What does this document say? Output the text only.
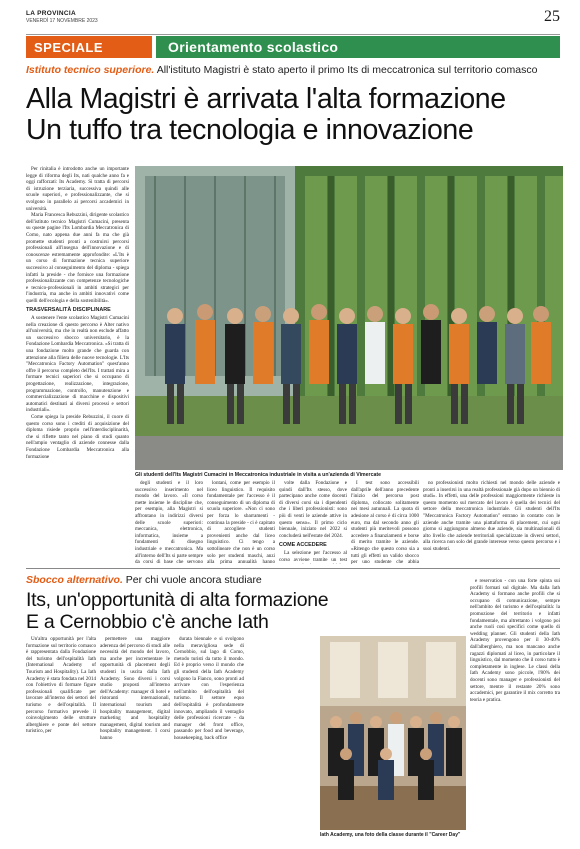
LA PROVINCIA
VENERDÌ 17 NOVEMBRE 2023	25
SPECIALE	Orientamento scolastico
Istituto tecnico superiore. All'istituto Magistri è stato aperto il primo Its di meccatronica sul territorio comasco
Alla Magistri è arrivata l'alta formazione
Un tuffo tra tecnologia e innovazione
Gli studenti dell'Its Magistri Cumacini in Meccatronica industriale in visita a un'azienda di Vimercate

Per rinitalia è introdotto anche un importante legge di riforma degli Its, nati qualche anno fa e oggi rafforzati: Its Academy. Si tratta di percorsi di istruzione terziaria, successiva quindi alle scuole superiori, e professionalizzante, che si svolgono in parallelo ai percorsi accademici in università.

Maria Francesca Rebuzzini, dirigente scolastico dell'istituto tecnico Magistri Cumacini, presenta su queste pagine l'Its Lombardia Meccatronica di Como, nato appena due anni fa ma che già promette studenti pronti a costruirsi percorsi professionali all'insegna dell'innovazione e di conoscenze estremamente approfondite: «L'Its è un corso di formazione tecnica superiore successivo al conseguimento del diploma - spiega infatti la preside - che fornisce una formazione professionalizzante con competenze tecnologiche e tecnico-professionali in ambiti strategici per l'industria, ma anche in ambiti innovativi come quelli dell'ecologia e della sostenibilità».

TRASVERSALITÀ DISCIPLINARE

A sostenere l'ente scolastico Magistri Cumacini nella creazione di questo percorso è Alter nativo all'università, ma che in realtà non esclude affatto un successivo sbocco universitario, è la Fondazione Lombardia Meccatronica. «Si tratta di una fondazione molto grande che guarda con attenzione alla filiera delle nuove tecnologie. L'Its "Meccatronica Factory Automation" quest'anno offre il percorso completo dell'Its. I trattati mira a formare tecnici superiori che si occupano di progettazione, realizzazione, integrazione, programmazione, controllo, manutenzione e commercializzazione di macchine e dispositivi automatici destinati ai diversi processi e settori industriali».

Come spiega la preside Rebuzzini, il cuore di questo corso sono i crediti di acquisizione del diploma risiede proprio nell'interdisciplinarità, che si riflette tanto nel piano di studi quanto nell'ampio ventaglio di aziende connesse dalla Fondazione Lombardia Meccatronica alla formazione

degli studenti e il loro successivo inserimento nel mondo del lavoro. «Il corso mette insieme le discipline che, per esempio, alla Magistri si affrontano in indirizzi diversi delle scuole superiori: meccanica, elettronica, informatica, insieme a fondamenti di disegno industriale e meccatronica. Ma all'interno dell'Its si parte sempre da corsi di base che servono

lontani, come per esempio il liceo linguistico. Il requisito fondamentale per l'accesso è il conseguimento di un diploma di scuola superiore. «Non ci sono per forza lo sbarramenti - continua la preside - ci è capitato di accogliere studenti provenienti anche dal liceo linguistico. Ci tengo a sottolineare che non è un corso solo per studenti maschi, anzi alla prima annualità hanno

volte dalla Fondazione e quindi dall'Its stesso, dove partecipano anche come docenti di diversi corsi sia i dipendenti che i liberi professionisti: sono più di venti le aziende attive in questo senso». Il primo ciclo biennale, iniziato nel 2022 si concluderà nell'estate del 2024.

COME ACCEDERE

La selezione per l'accesso al corso avviene tramite un test

I test sono accessibili dall'aprile dell'anno precedente l'inizio del percorso post diploma, collocato solitamente nei mesi autunnali. La quota di adesione al corso è di circa 1000 euro, ma dal secondo anno gli studenti più meritevoli possono accedere a finanziamenti e borse di merito tramite le aziende. «Ritengo che questo corso sia a tutti gli effetti un valido sbocco per uno studente che abbia

no professionisti molto richiesti nel mondo delle aziende e pronti a inserirsi in una realtà professionale già dopo un biennio di studi». In effetti, una delle professioni maggiormente richieste in questo momento sul mercato del lavoro è quella dei tecnici del settore della meccatronica industriale. Gli studenti dell'Its "Meccatronica Factory Automation" entrano in contatto con le aziende anche tramite una piattaforma di placement, cui ogni giorno si aggiungono almeno due aziende, sia multinazionali di alto livello che aziende territoriali specializzate in diversi settori, alla ricerca non solo del grande interesse verso questo percorso e i suoi studenti.

Sbocco alternativo. Per chi vuole ancora studiare
Its, un'opportunità di alta formazione
E a Cernobbio c'è anche Iath

Un'altra opportunità per l'alta formazione sul territorio comasco è rappresentata dalla Fondazione del turismo dell'ospitalità Iath (International Academy of Tourism and Hospitality). La Iath Academy è stata fondata nel 2014 con l'obiettivo di formare figure professionali qualificate per lavorare all'interno dei settori del turismo e dell'ospitalità. Il percorso formativo prevede il coinvolgimento delle strutture alberghiere e ponte del settore turistico, per

permettere una maggiore aderenza del percorso di studi alle necessità del mondo del lavoro, ma anche per incrementare le opportunità di placement degli studenti in uscita dalla Iath Academy. Sono diversi i corsi studio proposti all'interno dell'Academy: manager di hotel e ristoranti internazionali, international tourism and hospitality management, digital marketing and hospitality management, digital tourism and hospitality management. I corsi hanno

durata biennale e si svolgono nella meravigliosa sede di Cernobbio, sul lago di Como, metodo turisti da tutto il mondo. Ed è proprio verso il mondo che gli studenti della Iath Academy volgono la Fianco, sono pronti ad arrivare con l'esperienza nell'ambito dell'ospitalità del turismo. Il settore equo dell'ospitalità è profondamente innovato, ampliando il ventaglio delle professioni ricercate - da manager del front office, passando per food and beverage, housekeeping, back office

e reservation - con una forte spinta sui profili formati sul digitale. Ma dalla Iath Academy si formano anche profili che si occupano di comunicazione, sempre nell'ambito del turismo e dell'ospitalità: la promozione del territorio e infatti fondamentale, ma altrettanto i volgono poi anche ruoli così specifici come quello di wedding planner. Gli studenti della Iath Academy provengono per il 30-40% dall'alberghiero, ma non mancano anche ragazzi diplomati al liceo, in particolare il linguistico, dal momento che il corso tutto è completamente in inglese. Le classi della Iath Academy sono piccole, l'80% dei docenti sono manager e professionisti del settore, mentre il restante 20% sono accademici, per garantire il mix corretto tra teoria e pratica.

Iath Academy, una foto della classe durante il "Career Day"
